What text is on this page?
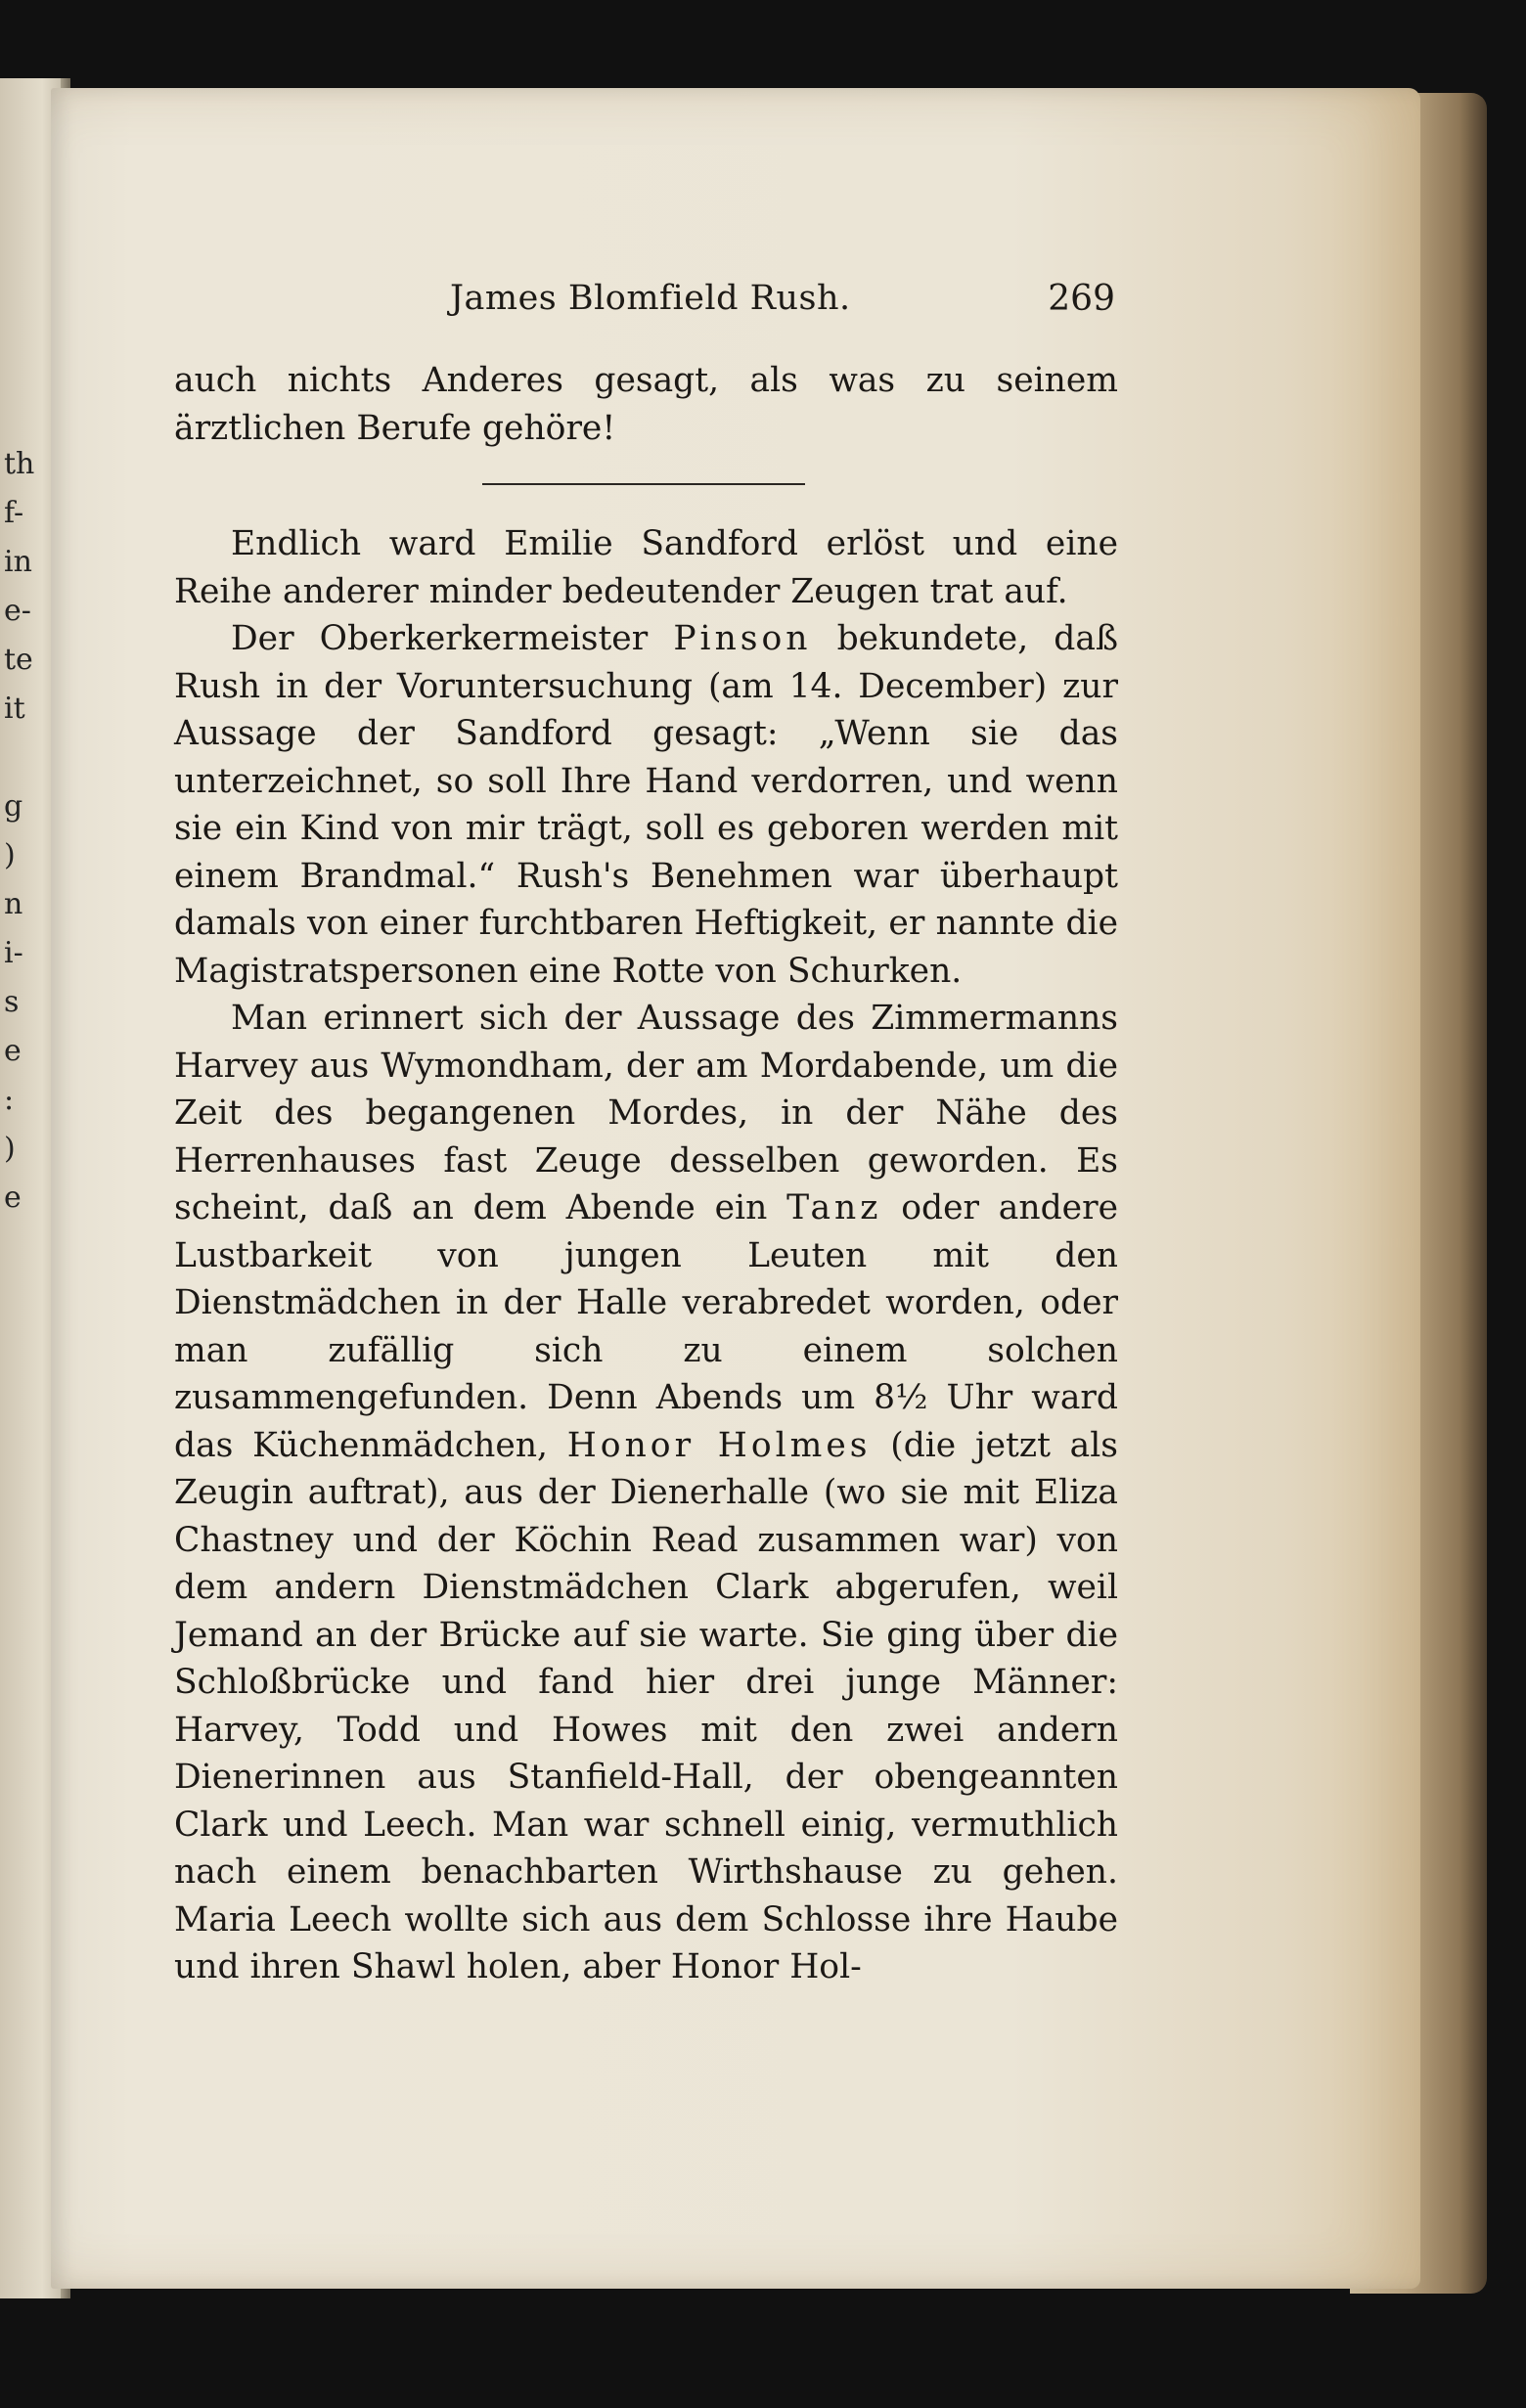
th
f-
in
e-
te
it
g
)
n
i-
s
e
:
)
e
James Blomfield Rush.	269

auch nichts Anderes gesagt, als was zu seinem ärztlichen Berufe gehöre!

Endlich ward Emilie Sandford erlöst und eine Reihe anderer minder bedeutender Zeugen trat auf.

Der Oberkerkermeister Pinson bekundete, daß Rush in der Voruntersuchung (am 14. December) zur Aussage der Sandford gesagt: „Wenn sie das unterzeichnet, so soll Ihre Hand verdorren, und wenn sie ein Kind von mir trägt, soll es geboren werden mit einem Brandmal.“ Rush's Benehmen war überhaupt damals von einer furchtbaren Heftigkeit, er nannte die Magistratspersonen eine Rotte von Schurken.

Man erinnert sich der Aussage des Zimmermanns Harvey aus Wymondham, der am Mordabende, um die Zeit des begangenen Mordes, in der Nähe des Herrenhauses fast Zeuge desselben geworden. Es scheint, daß an dem Abende ein Tanz oder andere Lustbarkeit von jungen Leuten mit den Dienstmädchen in der Halle verabredet worden, oder man zufällig sich zu einem solchen zusammengefunden. Denn Abends um 8½ Uhr ward das Küchenmädchen, Honor Holmes (die jetzt als Zeugin auftrat), aus der Dienerhalle (wo sie mit Eliza Chastney und der Köchin Read zusammen war) von dem andern Dienstmädchen Clark abgerufen, weil Jemand an der Brücke auf sie warte. Sie ging über die Schloßbrücke und fand hier drei junge Männer: Harvey, Todd und Howes mit den zwei andern Dienerinnen aus Stanfield-Hall, der obengeannten Clark und Leech. Man war schnell einig, vermuthlich nach einem benachbarten Wirthshause zu gehen. Maria Leech wollte sich aus dem Schlosse ihre Haube und ihren Shawl holen, aber Honor Hol-
